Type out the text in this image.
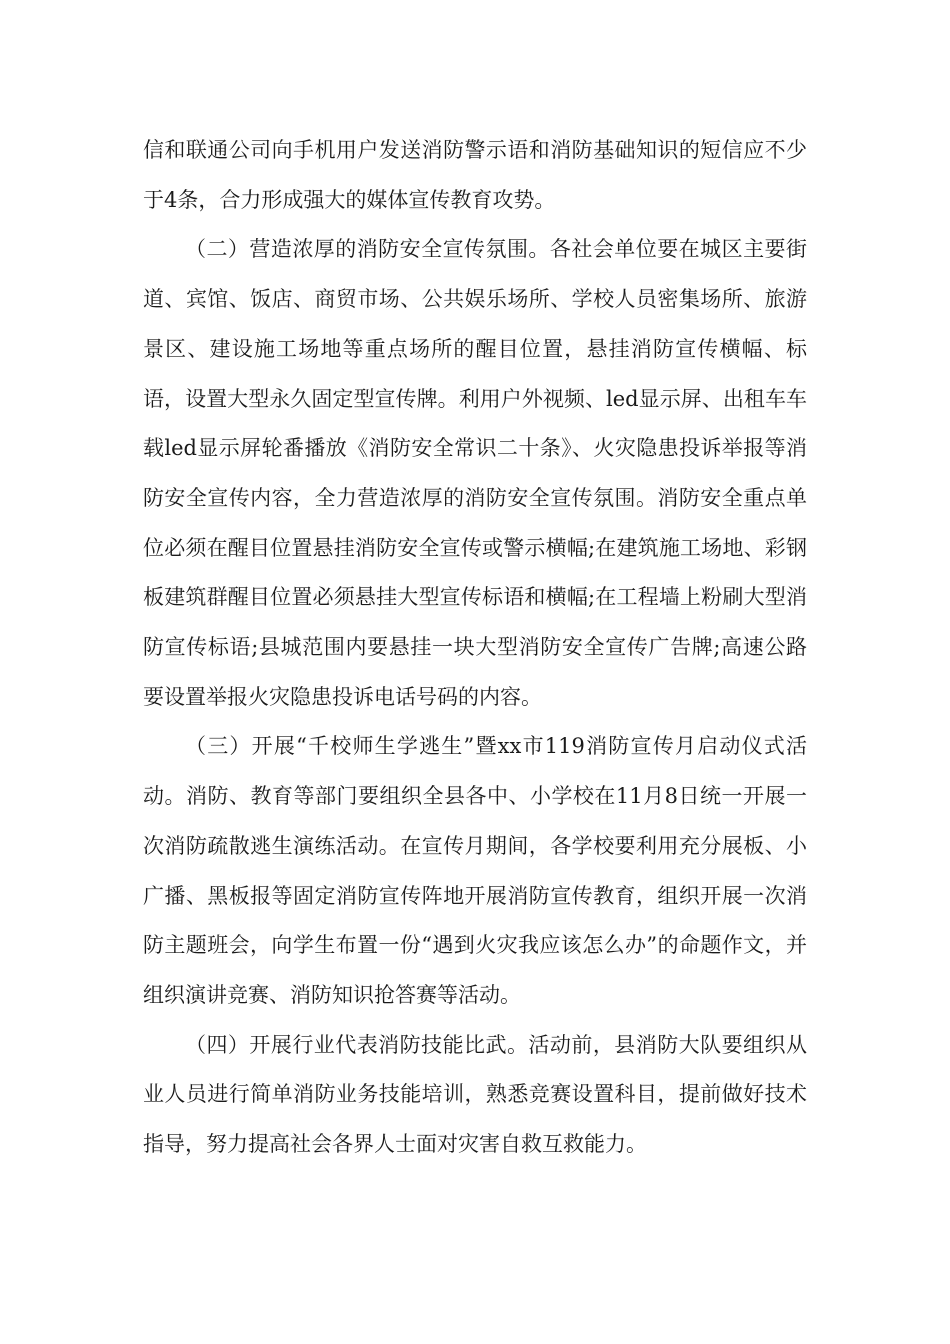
信和联通公司向手机用户发送消防警示语和消防基础知识的短信应不少于4条，合力形成强大的媒体宣传教育攻势。

（二）营造浓厚的消防安全宣传氛围。各社会单位要在城区主要街道、宾馆、饭店、商贸市场、公共娱乐场所、学校人员密集场所、旅游景区、建设施工场地等重点场所的醒目位置，悬挂消防宣传横幅、标语，设置大型永久固定型宣传牌。利用户外视频、led显示屏、出租车车载led显示屏轮番播放《消防安全常识二十条》、火灾隐患投诉举报等消防安全宣传内容，全力营造浓厚的消防安全宣传氛围。消防安全重点单位必须在醒目位置悬挂消防安全宣传或警示横幅;在建筑施工场地、彩钢板建筑群醒目位置必须悬挂大型宣传标语和横幅;在工程墙上粉刷大型消防宣传标语;县城范围内要悬挂一块大型消防安全宣传广告牌;高速公路要设置举报火灾隐患投诉电话号码的内容。

（三）开展“千校师生学逃生”暨xx市119消防宣传月启动仪式活动。消防、教育等部门要组织全县各中、小学校在11月8日统一开展一次消防疏散逃生演练活动。在宣传月期间，各学校要利用充分展板、小广播、黑板报等固定消防宣传阵地开展消防宣传教育，组织开展一次消防主题班会，向学生布置一份“遇到火灾我应该怎么办”的命题作文，并组织演讲竞赛、消防知识抢答赛等活动。

（四）开展行业代表消防技能比武。活动前，县消防大队要组织从业人员进行简单消防业务技能培训，熟悉竞赛设置科目，提前做好技术指导，努力提高社会各界人士面对灾害自救互救能力。
